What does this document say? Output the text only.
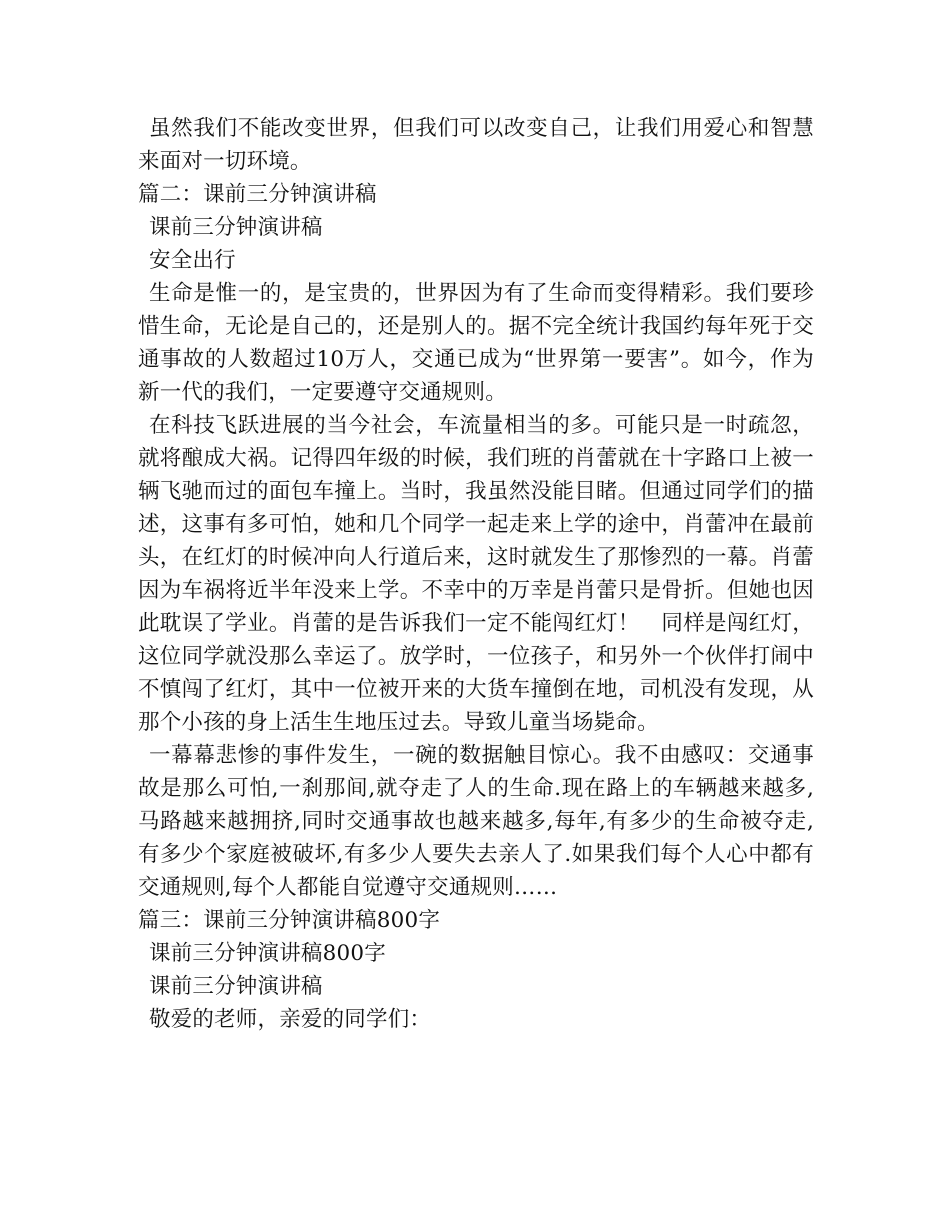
虽然我们不能改变世界，但我们可以改变自己，让我们用爱心和智慧来面对一切环境。

篇二：课前三分钟演讲稿

课前三分钟演讲稿

安全出行

生命是惟一的，是宝贵的，世界因为有了生命而变得精彩。我们要珍惜生命，无论是自己的，还是别人的。据不完全统计我国约每年死于交通事故的人数超过10万人，交通已成为“世界第一要害”。如今，作为新一代的我们，一定要遵守交通规则。

在科技飞跃进展的当今社会，车流量相当的多。可能只是一时疏忽，就将酿成大祸。记得四年级的时候，我们班的肖蕾就在十字路口上被一辆飞驰而过的面包车撞上。当时，我虽然没能目睹。但通过同学们的描述，这事有多可怕，她和几个同学一起走来上学的途中，肖蕾冲在最前头，在红灯的时候冲向人行道后来，这时就发生了那惨烈的一幕。肖蕾因为车祸将近半年没来上学。不幸中的万幸是肖蕾只是骨折。但她也因此耽误了学业。肖蕾的是告诉我们一定不能闯红灯！　同样是闯红灯，这位同学就没那么幸运了。放学时，一位孩子，和另外一个伙伴打闹中不慎闯了红灯，其中一位被开来的大货车撞倒在地，司机没有发现，从那个小孩的身上活生生地压过去。导致儿童当场毙命。

一幕幕悲惨的事件发生，一碗的数据触目惊心。我不由感叹：交通事故是那么可怕,一刹那间,就夺走了人的生命.现在路上的车辆越来越多,马路越来越拥挤,同时交通事故也越来越多,每年,有多少的生命被夺走,有多少个家庭被破坏,有多少人要失去亲人了.如果我们每个人心中都有交通规则,每个人都能自觉遵守交通规则……

篇三：课前三分钟演讲稿800字

课前三分钟演讲稿800字

课前三分钟演讲稿

敬爱的老师，亲爱的同学们：
